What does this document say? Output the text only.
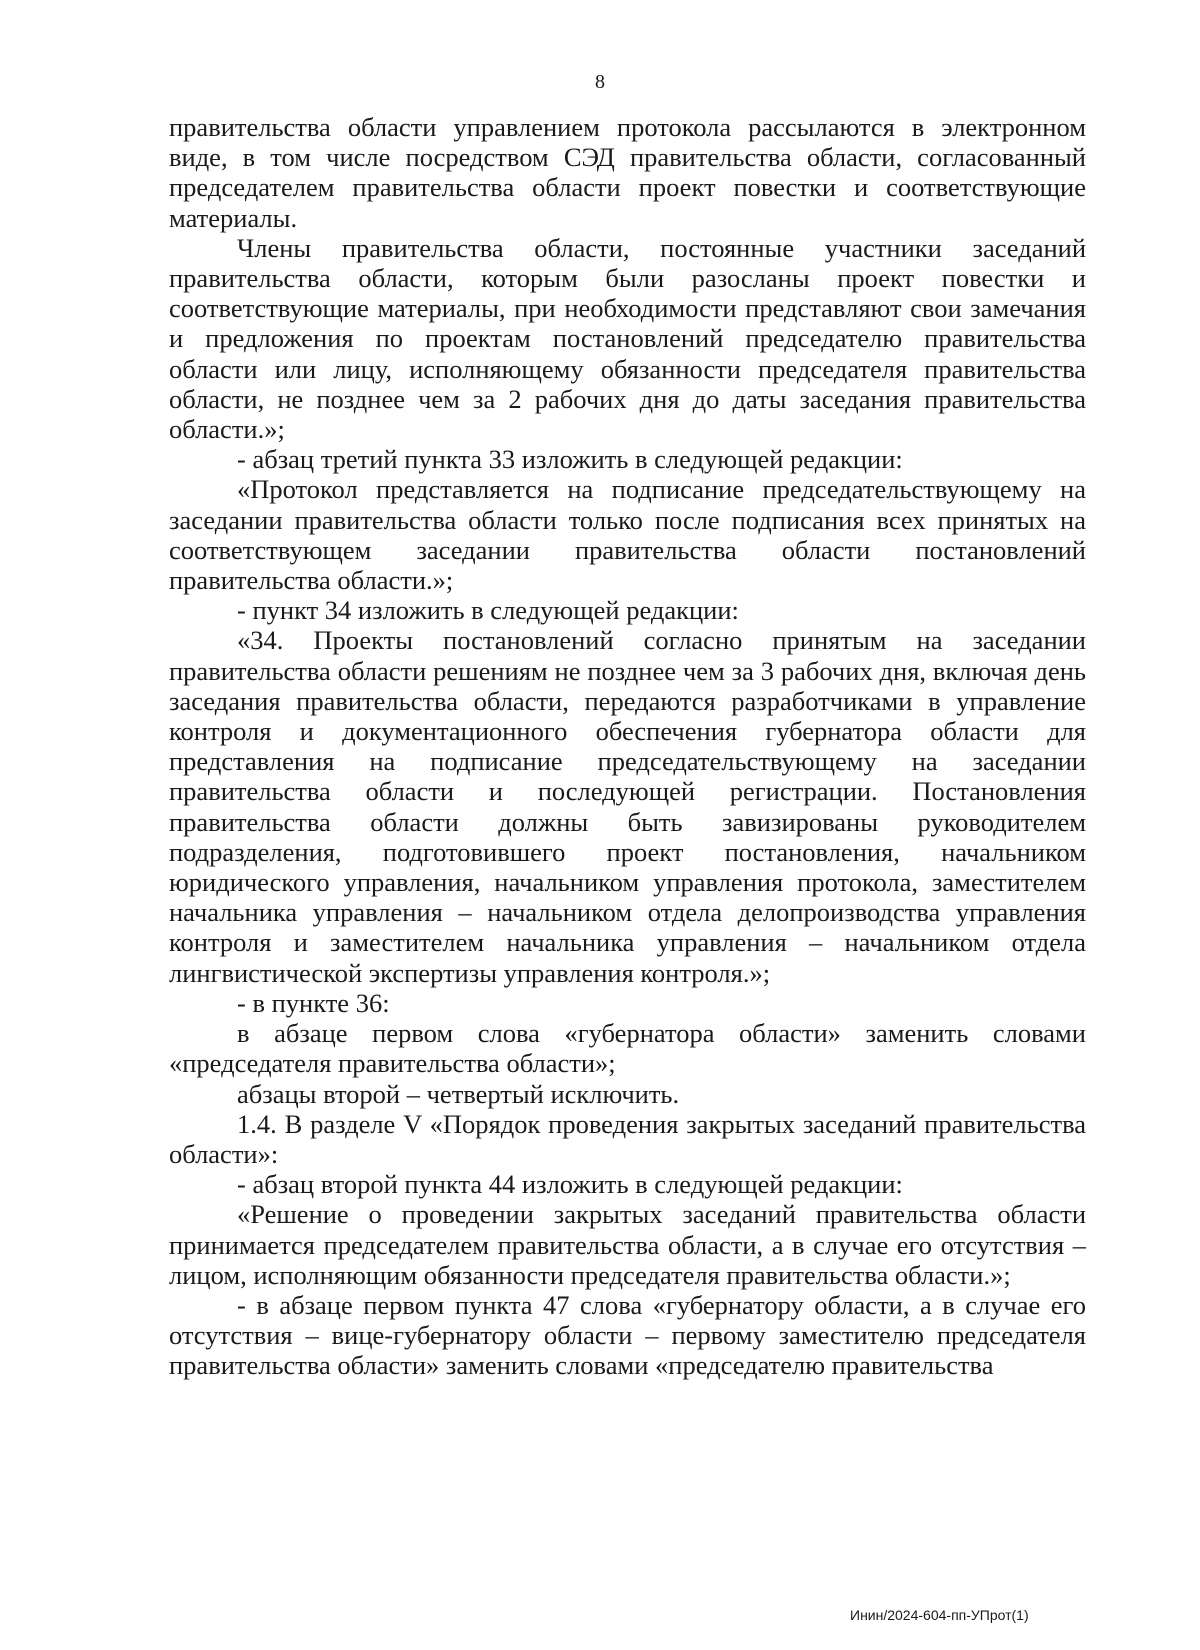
8

правительства области управлением протокола рассылаются в электронном виде, в том числе посредством СЭД правительства области, согласованный председателем правительства области проект повестки и соответствующие материалы.

Члены правительства области, постоянные участники заседаний правительства области, которым были разосланы проект повестки и соответствующие материалы, при необходимости представляют свои замечания и предложения по проектам постановлений председателю правительства области или лицу, исполняющему обязанности председателя правительства области, не позднее чем за 2 рабочих дня до даты заседания правительства области.»;

- абзац третий пункта 33 изложить в следующей редакции:

«Протокол представляется на подписание председательствующему на заседании правительства области только после подписания всех принятых на соответствующем заседании правительства области постановлений правительства области.»;

- пункт 34 изложить в следующей редакции:

«34. Проекты постановлений согласно принятым на заседании правительства области решениям не позднее чем за 3 рабочих дня, включая день заседания правительства области, передаются разработчиками в управление контроля и документационного обеспечения губернатора области для представления на подписание председательствующему на заседании правительства области и последующей регистрации. Постановления правительства области должны быть завизированы руководителем подразделения, подготовившего проект постановления, начальником юридического управления, начальником управления протокола, заместителем начальника управления – начальником отдела делопроизводства управления контроля и заместителем начальника управления – начальником отдела лингвистической экспертизы управления контроля.»;

- в пункте 36:

в абзаце первом слова «губернатора области» заменить словами «председателя правительства области»;

абзацы второй – четвертый исключить.

1.4. В разделе V «Порядок проведения закрытых заседаний правительства области»:

- абзац второй пункта 44 изложить в следующей редакции:

«Решение о проведении закрытых заседаний правительства области принимается председателем правительства области, а в случае его отсутствия – лицом, исполняющим обязанности председателя правительства области.»;

- в абзаце первом пункта 47 слова «губернатору области, а в случае его отсутствия – вице-губернатору области – первому заместителю председателя правительства области» заменить словами «председателю правительства

Инин/2024-604-пп-УПрот(1)
